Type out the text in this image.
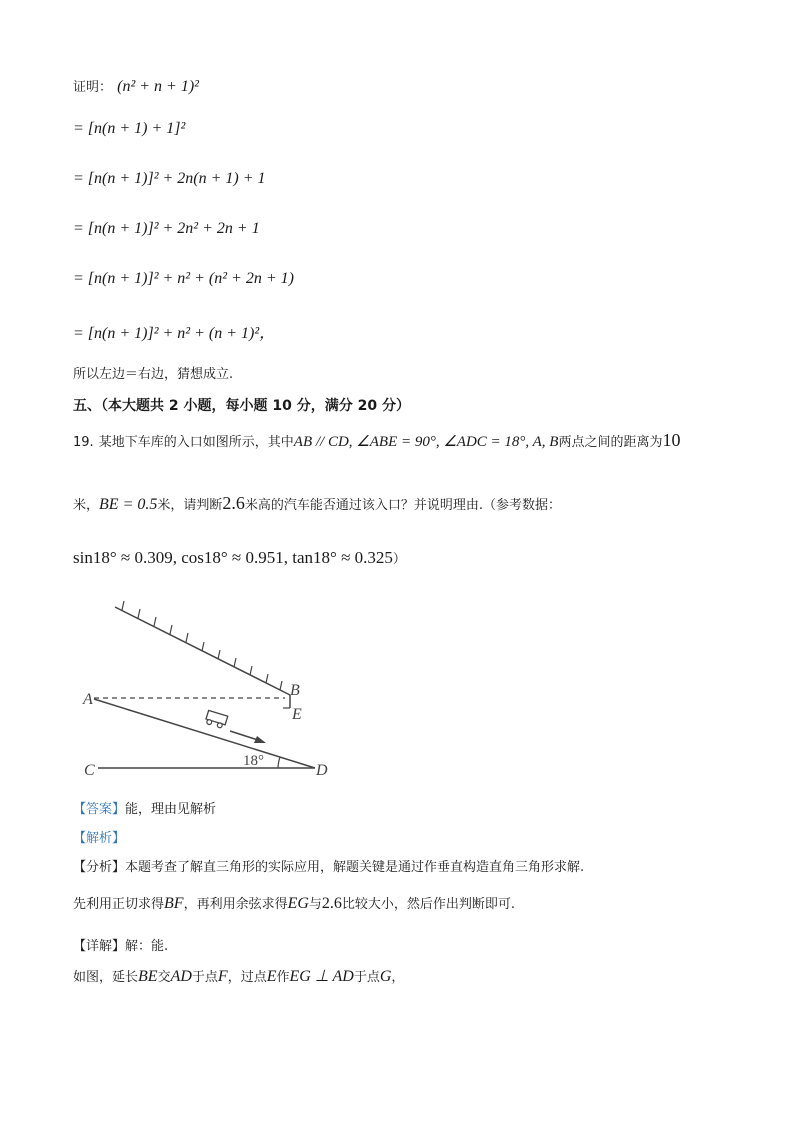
证明： (n² + n + 1)²
= [n(n + 1) + 1]²
= [n(n + 1)]² + 2n(n + 1) + 1
= [n(n + 1)]² + 2n² + 2n + 1
= [n(n + 1)]² + n² + (n² + 2n + 1)
= [n(n + 1)]² + n² + (n + 1)²，
所以左边＝右边，猜想成立.
五、（本大题共 2 小题，每小题 10 分，满分 20 分）
19. 某地下车库的入口如图所示，其中AB // CD, ∠ABE = 90°, ∠ADC = 18°, A, B两点之间的距离为10
米，BE = 0.5米，请判断2.6米高的汽车能否通过该入口？并说明理由.（参考数据：
sin18° ≈ 0.309, cos18° ≈ 0.951, tan18° ≈ 0.325）
A
B
E
C	D
18°
【答案】能，理由见解析
【解析】
【分析】本题考查了解直三角形的实际应用，解题关键是通过作垂直构造直角三角形求解.
先利用正切求得BF，再利用余弦求得EG与2.6比较大小，然后作出判断即可.
【详解】解：能.
如图，延长BE交AD于点F，过点E作EG ⊥ AD于点G，
